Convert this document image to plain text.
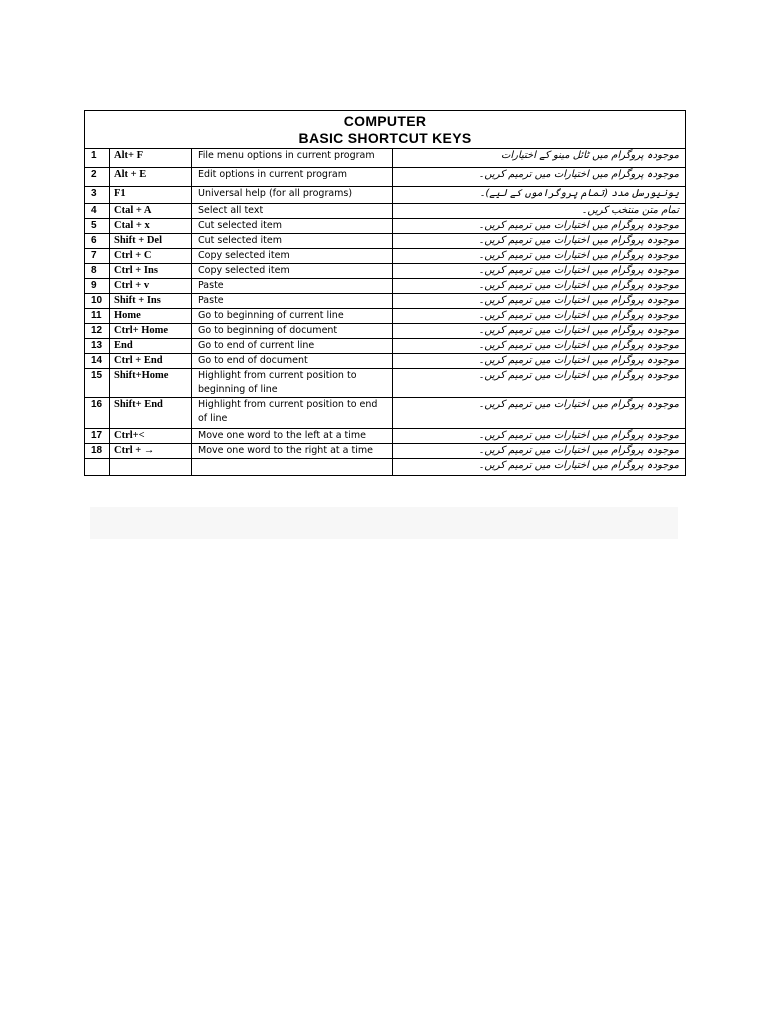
COMPUTER
BASIC SHORTCUT KEYS			

1	Alt+ F	File menu options in current program	موجودہ پروگرام میں ٹائل مینو کے اختیارات
2	Alt + E	Edit options in current program	موجودہ پروگرام میں اختیارات میں ترمیم کریں۔
3	F1	Universal help (for all programs)	یونیورسل مدد (تمام پروگراموں کے لیے)۔
4	Ctal + A	Select all text	تمام متن منتخب کریں۔
5	Ctal + x	Cut selected item	موجودہ پروگرام میں اختیارات میں ترمیم کریں۔
6	Shift + Del	Cut selected item	موجودہ پروگرام میں اختیارات میں ترمیم کریں۔
7	Ctrl + C	Copy selected item	موجودہ پروگرام میں اختیارات میں ترمیم کریں۔
8	Ctrl + Ins	Copy selected item	موجودہ پروگرام میں اختیارات میں ترمیم کریں۔
9	Ctrl + v	Paste	موجودہ پروگرام میں اختیارات میں ترمیم کریں۔
10	Shift + Ins	Paste	موجودہ پروگرام میں اختیارات میں ترمیم کریں۔
11	Home	Go to beginning of current line	موجودہ پروگرام میں اختیارات میں ترمیم کریں۔
12	Ctrl+ Home	Go to beginning of document	موجودہ پروگرام میں اختیارات میں ترمیم کریں۔
13	End	Go to end of current line	موجودہ پروگرام میں اختیارات میں ترمیم کریں۔
14	Ctrl + End	Go to end of document	موجودہ پروگرام میں اختیارات میں ترمیم کریں۔
15	Shift+Home	Highlight from current position to beginning of line	موجودہ پروگرام میں اختیارات میں ترمیم کریں۔
16	Shift+ End	Highlight from current position to end of line	موجودہ پروگرام میں اختیارات میں ترمیم کریں۔
17	Ctrl+<	Move one word to the left at a time	موجودہ پروگرام میں اختیارات میں ترمیم کریں۔
18	Ctrl + →	Move one word to the right at a time	موجودہ پروگرام میں اختیارات میں ترمیم کریں۔
			موجودہ پروگرام میں اختیارات میں ترمیم کریں۔
